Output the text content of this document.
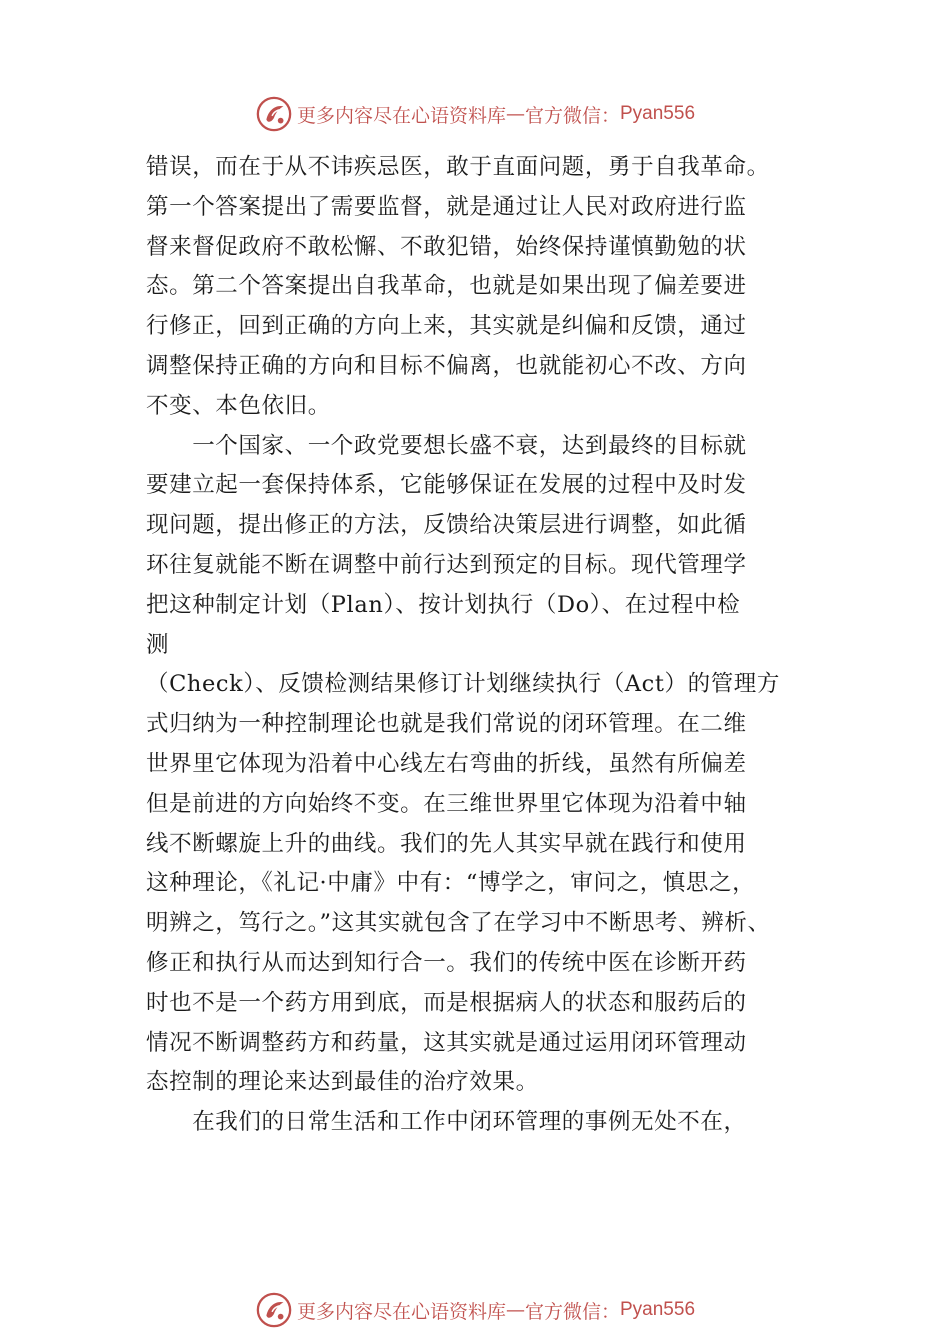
更多内容尽在心语资料库 — 官方微信： Pyan556
错误，而在于从不讳疾忌医，敢于直面问题，勇于自我革命。
第一个答案提出了需要监督，就是通过让人民对政府进行监
督来督促政府不敢松懈、不敢犯错，始终保持谨慎勤勉的状
态。第二个答案提出自我革命，也就是如果出现了偏差要进
行修正，回到正确的方向上来，其实就是纠偏和反馈，通过
调整保持正确的方向和目标不偏离，也就能初心不改、方向
不变、本色依旧。
　　一个国家、一个政党要想长盛不衰，达到最终的目标就
要建立起一套保持体系，它能够保证在发展的过程中及时发
现问题，提出修正的方法，反馈给决策层进行调整，如此循
环往复就能不断在调整中前行达到预定的目标。现代管理学
把这种制定计划（Plan）、按计划执行（Do）、在过程中检
测
（Check）、反馈检测结果修订计划继续执行（Act）的管理方
式归纳为一种控制理论也就是我们常说的闭环管理。在二维
世界里它体现为沿着中心线左右弯曲的折线，虽然有所偏差
但是前进的方向始终不变。在三维世界里它体现为沿着中轴
线不断螺旋上升的曲线。我们的先人其实早就在践行和使用
这种理论，《礼记·中庸》中有：“博学之，审问之，慎思之，
明辨之，笃行之。”这其实就包含了在学习中不断思考、辨析、
修正和执行从而达到知行合一。我们的传统中医在诊断开药
时也不是一个药方用到底，而是根据病人的状态和服药后的
情况不断调整药方和药量，这其实就是通过运用闭环管理动
态控制的理论来达到最佳的治疗效果。
　　在我们的日常生活和工作中闭环管理的事例无处不在，
更多内容尽在心语资料库 — 官方微信： Pyan556
